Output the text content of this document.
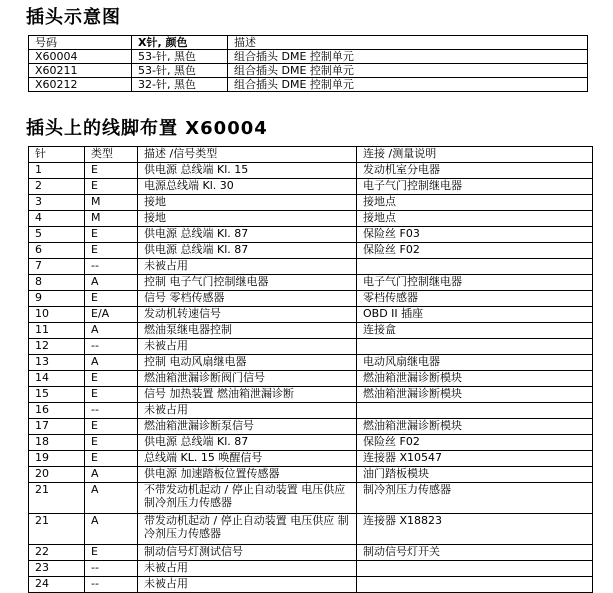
插头示意图
号码	X针, 颜色	描述
X60004	53-针, 黑色	组合插头 DME 控制单元
X60211	53-针, 黑色	组合插头 DME 控制单元
X60212	32-针, 黑色	组合插头 DME 控制单元
插头上的线脚布置 X60004
针	类型	描述 /信号类型	连接 /测量说明
1	E	供电源 总线端 Kl. 15	发动机室分电器
2	E	电源总线端 Kl. 30	电子气门控制继电器
3	M	接地	接地点
4	M	接地	接地点
5	E	供电源 总线端 Kl. 87	保险丝 F03
6	E	供电源 总线端 Kl. 87	保险丝 F02
7	--	未被占用	
8	A	控制 电子气门控制继电器	电子气门控制继电器
9	E	信号 零档传感器	零档传感器
10	E/A	发动机转速信号	OBD II 插座
11	A	燃油泵继电器控制	连接盒
12	--	未被占用	
13	A	控制 电动风扇继电器	电动风扇继电器
14	E	燃油箱泄漏诊断阀门信号	燃油箱泄漏诊断模块
15	E	信号 加热装置 燃油箱泄漏诊断	燃油箱泄漏诊断模块
16	--	未被占用	
17	E	燃油箱泄漏诊断泵信号	燃油箱泄漏诊断模块
18	E	供电源 总线端 Kl. 87	保险丝 F02
19	E	总线端 KL. 15 唤醒信号	连接器 X10547
20	A	供电源 加速踏板位置传感器	油门踏板模块
21	A	不带发动机起动 / 停止自动装置 电压供应 制冷剂压力传感器	制冷剂压力传感器
21	A	带发动机起动 / 停止自动装置 电压供应 制冷剂压力传感器	连接器 X18823
22	E	制动信号灯测试信号	制动信号灯开关
23	--	未被占用	
24	--	未被占用	
